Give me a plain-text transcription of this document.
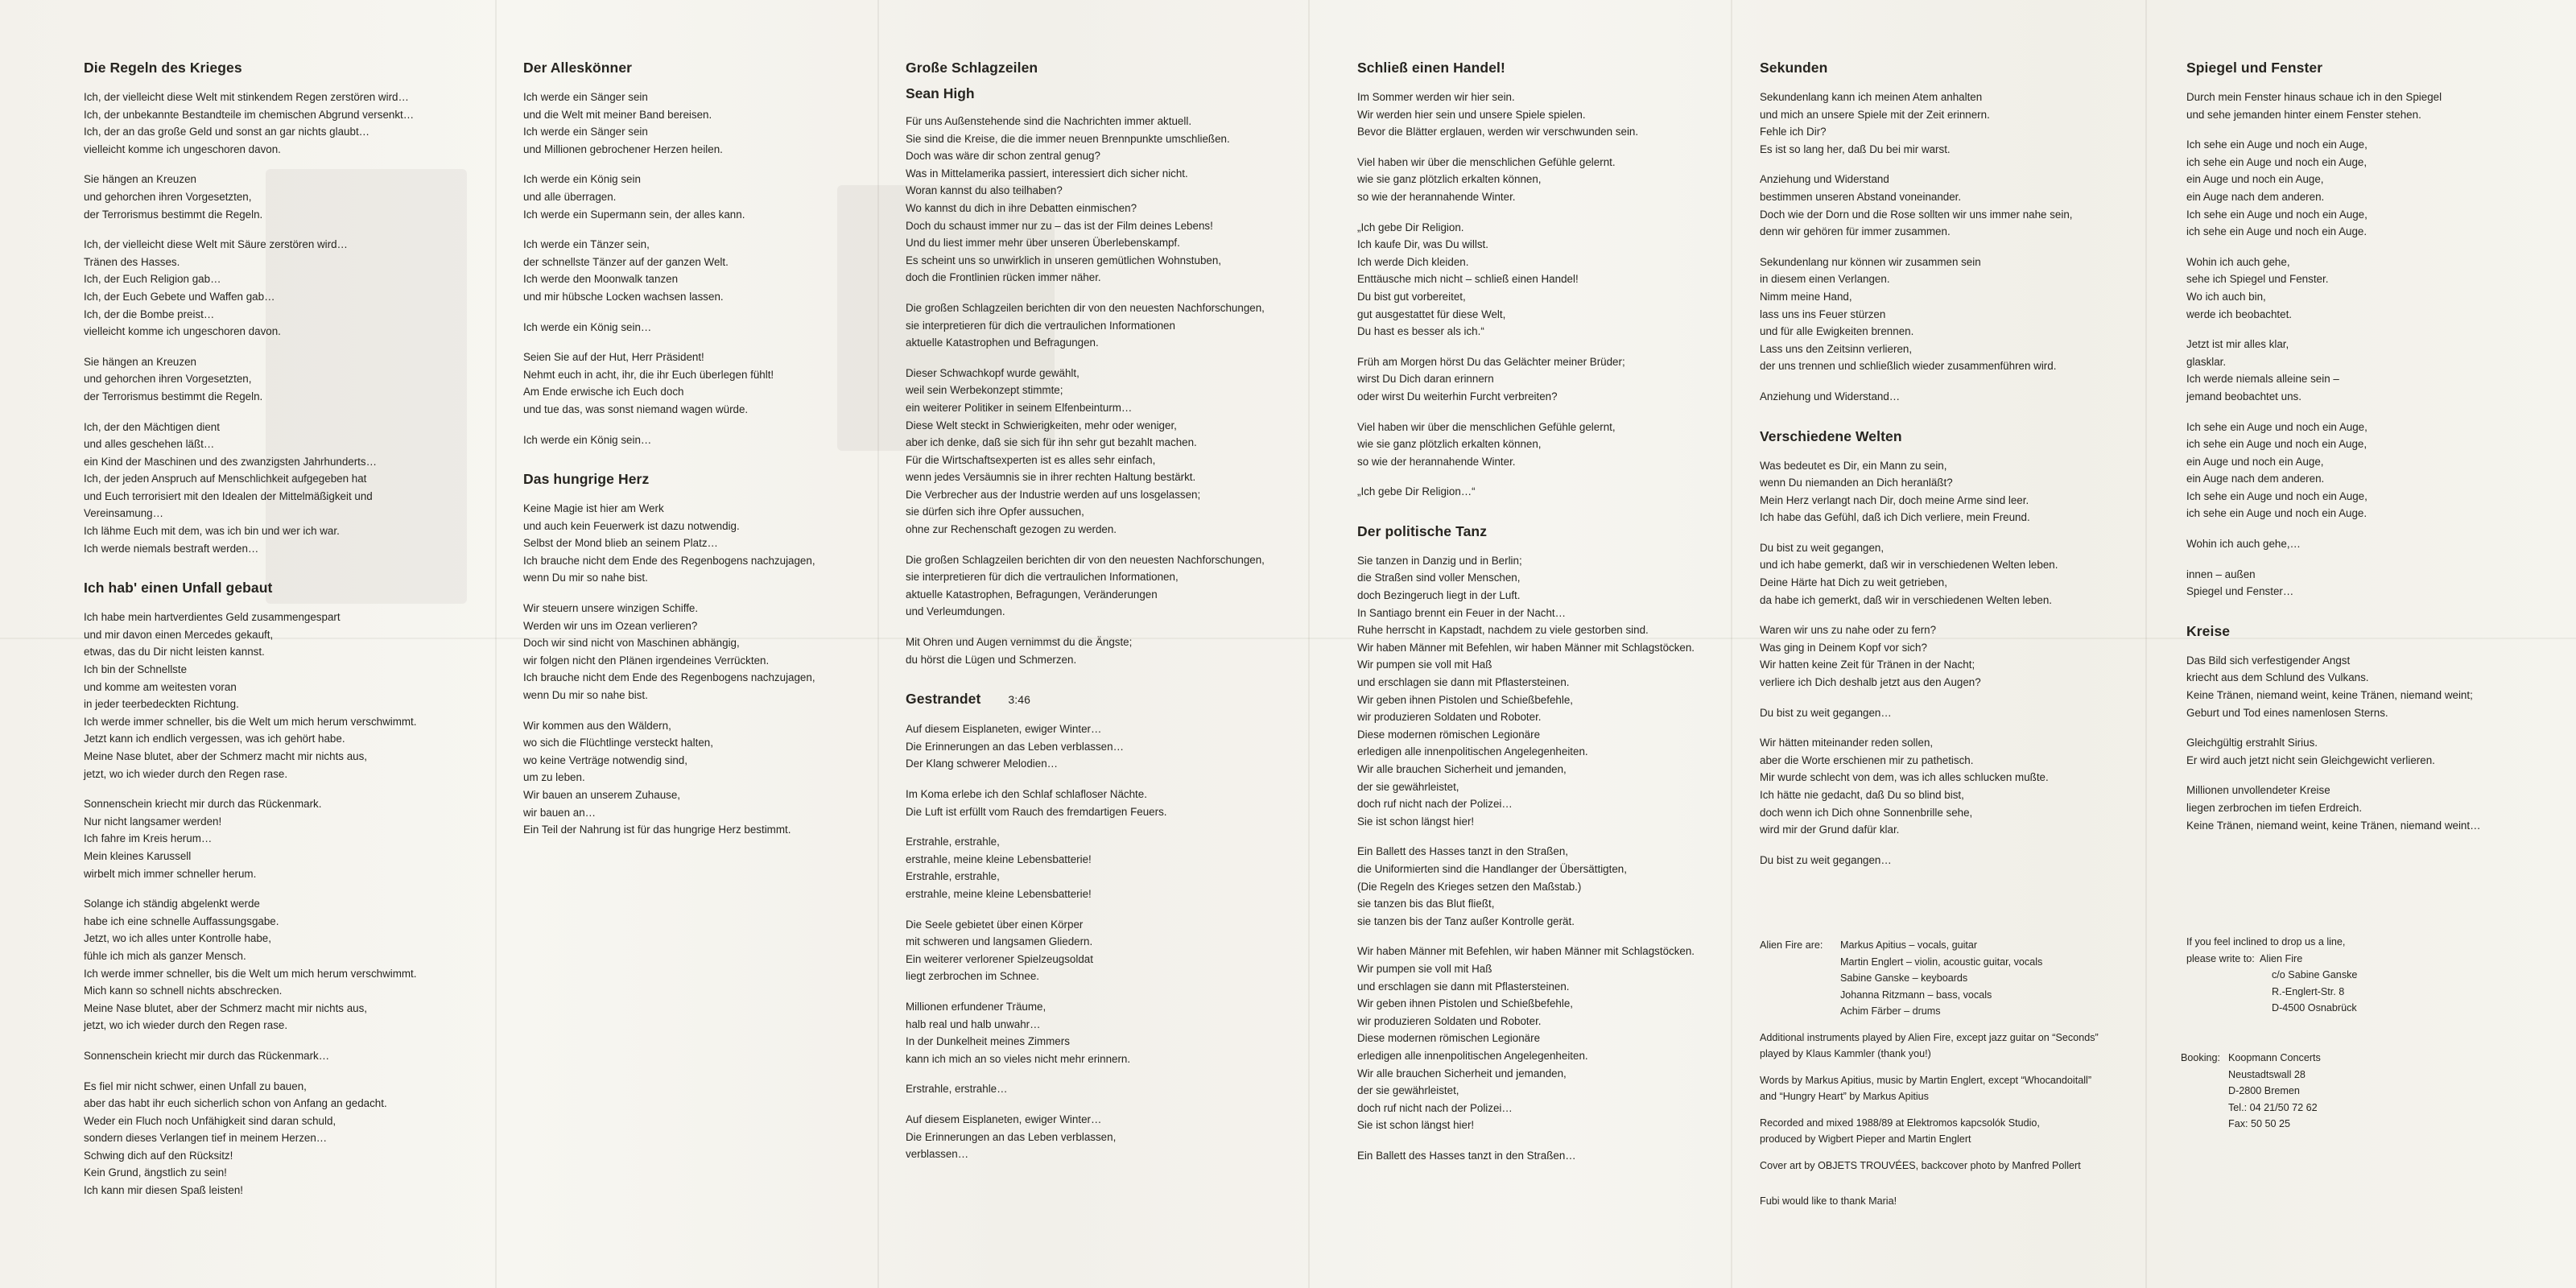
Die Regeln des Krieges
Ich, der vielleicht diese Welt mit stinkendem Regen zerstören wird…
Ich, der unbekannte Bestandteile im chemischen Abgrund versenkt…
Ich, der an das große Geld und sonst an gar nichts glaubt…
vielleicht komme ich ungeschoren davon.
Sie hängen an Kreuzen
und gehorchen ihren Vorgesetzten,
der Terrorismus bestimmt die Regeln.
Ich, der vielleicht diese Welt mit Säure zerstören wird…
Tränen des Hasses.
Ich, der Euch Religion gab…
Ich, der Euch Gebete und Waffen gab…
Ich, der die Bombe preist…
vielleicht komme ich ungeschoren davon.
Sie hängen an Kreuzen
und gehorchen ihren Vorgesetzten,
der Terrorismus bestimmt die Regeln.
Ich, der den Mächtigen dient
und alles geschehen läßt…
ein Kind der Maschinen und des zwanzigsten Jahrhunderts…
Ich, der jeden Anspruch auf Menschlichkeit aufgegeben hat
und Euch terrorisiert mit den Idealen der Mittelmäßigkeit und
Vereinsamung…
Ich lähme Euch mit dem, was ich bin und wer ich war.
Ich werde niemals bestraft werden…
Ich hab' einen Unfall gebaut
Ich habe mein hartverdientes Geld zusammengespart
und mir davon einen Mercedes gekauft,
etwas, das du Dir nicht leisten kannst.
Ich bin der Schnellste
und komme am weitesten voran
in jeder teerbedeckten Richtung.
Ich werde immer schneller, bis die Welt um mich herum verschwimmt.
Jetzt kann ich endlich vergessen, was ich gehört habe.
Meine Nase blutet, aber der Schmerz macht mir nichts aus,
jetzt, wo ich wieder durch den Regen rase.
Sonnenschein kriecht mir durch das Rückenmark.
Nur nicht langsamer werden!
Ich fahre im Kreis herum…
Mein kleines Karussell
wirbelt mich immer schneller herum.
Solange ich ständig abgelenkt werde
habe ich eine schnelle Auffassungsgabe.
Jetzt, wo ich alles unter Kontrolle habe,
fühle ich mich als ganzer Mensch.
Ich werde immer schneller, bis die Welt um mich herum verschwimmt.
Mich kann so schnell nichts abschrecken.
Meine Nase blutet, aber der Schmerz macht mir nichts aus,
jetzt, wo ich wieder durch den Regen rase.
Sonnenschein kriecht mir durch das Rückenmark…
Es fiel mir nicht schwer, einen Unfall zu bauen,
aber das habt ihr euch sicherlich schon von Anfang an gedacht.
Weder ein Fluch noch Unfähigkeit sind daran schuld,
sondern dieses Verlangen tief in meinem Herzen…
Schwing dich auf den Rücksitz!
Kein Grund, ängstlich zu sein!
Ich kann mir diesen Spaß leisten!
Der Alleskönner
Ich werde ein Sänger sein
und die Welt mit meiner Band bereisen.
Ich werde ein Sänger sein
und Millionen gebrochener Herzen heilen.
Ich werde ein König sein
und alle überragen.
Ich werde ein Supermann sein, der alles kann.
Ich werde ein Tänzer sein,
der schnellste Tänzer auf der ganzen Welt.
Ich werde den Moonwalk tanzen
und mir hübsche Locken wachsen lassen.
Ich werde ein König sein…
Seien Sie auf der Hut, Herr Präsident!
Nehmt euch in acht, ihr, die ihr Euch überlegen fühlt!
Am Ende erwische ich Euch doch
und tue das, was sonst niemand wagen würde.
Ich werde ein König sein…
Das hungrige Herz
Keine Magie ist hier am Werk
und auch kein Feuerwerk ist dazu notwendig.
Selbst der Mond blieb an seinem Platz…
Ich brauche nicht dem Ende des Regenbogens nachzujagen,
wenn Du mir so nahe bist.
Wir steuern unsere winzigen Schiffe.
Werden wir uns im Ozean verlieren?
Doch wir sind nicht von Maschinen abhängig,
wir folgen nicht den Plänen irgendeines Verrückten.
Ich brauche nicht dem Ende des Regenbogens nachzujagen,
wenn Du mir so nahe bist.
Wir kommen aus den Wäldern,
wo sich die Flüchtlinge versteckt halten,
wo keine Verträge notwendig sind,
um zu leben.
Wir bauen an unserem Zuhause,
wir bauen an…
Ein Teil der Nahrung ist für das hungrige Herz bestimmt.
Große Schlagzeilen
Sean High
Für uns Außenstehende sind die Nachrichten immer aktuell.
Sie sind die Kreise, die die immer neuen Brennpunkte umschließen.
Doch was wäre dir schon zentral genug?
Was in Mittelamerika passiert, interessiert dich sicher nicht.
Woran kannst du also teilhaben?
Wo kannst du dich in ihre Debatten einmischen?
Doch du schaust immer nur zu – das ist der Film deines Lebens!
Und du liest immer mehr über unseren Überlebenskampf.
Es scheint uns so unwirklich in unseren gemütlichen Wohnstuben,
doch die Frontlinien rücken immer näher.
Die großen Schlagzeilen berichten dir von den neuesten Nachforschungen,
sie interpretieren für dich die vertraulichen Informationen
aktuelle Katastrophen und Befragungen.
Dieser Schwachkopf wurde gewählt,
weil sein Werbekonzept stimmte;
ein weiterer Politiker in seinem Elfenbeinturm…
Diese Welt steckt in Schwierigkeiten, mehr oder weniger,
aber ich denke, daß sie sich für ihn sehr gut bezahlt machen.
Für die Wirtschaftsexperten ist es alles sehr einfach,
wenn jedes Versäumnis sie in ihrer rechten Haltung bestärkt.
Die Verbrecher aus der Industrie werden auf uns losgelassen;
sie dürfen sich ihre Opfer aussuchen,
ohne zur Rechenschaft gezogen zu werden.
Die großen Schlagzeilen berichten dir von den neuesten Nachforschungen,
sie interpretieren für dich die vertraulichen Informationen,
aktuelle Katastrophen, Befragungen, Veränderungen
und Verleumdungen.
Mit Ohren und Augen vernimmst du die Ängste;
du hörst die Lügen und Schmerzen.
Gestrandet 3:46
Auf diesem Eisplaneten, ewiger Winter…
Die Erinnerungen an das Leben verblassen…
Der Klang schwerer Melodien…
Im Koma erlebe ich den Schlaf schlafloser Nächte.
Die Luft ist erfüllt vom Rauch des fremdartigen Feuers.
Erstrahle, erstrahle,
erstrahle, meine kleine Lebensbatterie!
Erstrahle, erstrahle,
erstrahle, meine kleine Lebensbatterie!
Die Seele gebietet über einen Körper
mit schweren und langsamen Gliedern.
Ein weiterer verlorener Spielzeugsoldat
liegt zerbrochen im Schnee.
Millionen erfundener Träume,
halb real und halb unwahr…
In der Dunkelheit meines Zimmers
kann ich mich an so vieles nicht mehr erinnern.
Erstrahle, erstrahle…
Auf diesem Eisplaneten, ewiger Winter…
Die Erinnerungen an das Leben verblassen,
verblassen…
Schließ einen Handel!
Im Sommer werden wir hier sein.
Wir werden hier sein und unsere Spiele spielen.
Bevor die Blätter erglauen, werden wir verschwunden sein.
Viel haben wir über die menschlichen Gefühle gelernt.
wie sie ganz plötzlich erkalten können,
so wie der herannahende Winter.
„Ich gebe Dir Religion.
Ich kaufe Dir, was Du willst.
Ich werde Dich kleiden.
Enttäusche mich nicht – schließ einen Handel!
Du bist gut vorbereitet,
gut ausgestattet für diese Welt,
Du hast es besser als ich.“
Früh am Morgen hörst Du das Gelächter meiner Brüder;
wirst Du Dich daran erinnern
oder wirst Du weiterhin Furcht verbreiten?
Viel haben wir über die menschlichen Gefühle gelernt,
wie sie ganz plötzlich erkalten können,
so wie der herannahende Winter.
„Ich gebe Dir Religion…“
Der politische Tanz
Sie tanzen in Danzig und in Berlin;
die Straßen sind voller Menschen,
doch Bezingeruch liegt in der Luft.
In Santiago brennt ein Feuer in der Nacht…
Ruhe herrscht in Kapstadt, nachdem zu viele gestorben sind.
Wir haben Männer mit Befehlen, wir haben Männer mit Schlagstöcken.
Wir pumpen sie voll mit Haß
und erschlagen sie dann mit Pflastersteinen.
Wir geben ihnen Pistolen und Schießbefehle,
wir produzieren Soldaten und Roboter.
Diese modernen römischen Legionäre
erledigen alle innenpolitischen Angelegenheiten.
Wir alle brauchen Sicherheit und jemanden,
der sie gewährleistet,
doch ruf nicht nach der Polizei…
Sie ist schon längst hier!
Ein Ballett des Hasses tanzt in den Straßen,
die Uniformierten sind die Handlanger der Übersättigten,
(Die Regeln des Krieges setzen den Maßstab.)
sie tanzen bis das Blut fließt,
sie tanzen bis der Tanz außer Kontrolle gerät.
Wir haben Männer mit Befehlen, wir haben Männer mit Schlagstöcken.
Wir pumpen sie voll mit Haß
und erschlagen sie dann mit Pflastersteinen.
Wir geben ihnen Pistolen und Schießbefehle,
wir produzieren Soldaten und Roboter.
Diese modernen römischen Legionäre
erledigen alle innenpolitischen Angelegenheiten.
Wir alle brauchen Sicherheit und jemanden,
der sie gewährleistet,
doch ruf nicht nach der Polizei…
Sie ist schon längst hier!
Ein Ballett des Hasses tanzt in den Straßen…
Sekunden
Sekundenlang kann ich meinen Atem anhalten
und mich an unsere Spiele mit der Zeit erinnern.
Fehle ich Dir?
Es ist so lang her, daß Du bei mir warst.
Anziehung und Widerstand
bestimmen unseren Abstand voneinander.
Doch wie der Dorn und die Rose sollten wir uns immer nahe sein,
denn wir gehören für immer zusammen.
Sekundenlang nur können wir zusammen sein
in diesem einen Verlangen.
Nimm meine Hand,
lass uns ins Feuer stürzen
und für alle Ewigkeiten brennen.
Lass uns den Zeitsinn verlieren,
der uns trennen und schließlich wieder zusammenführen wird.
Anziehung und Widerstand…
Verschiedene Welten
Was bedeutet es Dir, ein Mann zu sein,
wenn Du niemanden an Dich heranläßt?
Mein Herz verlangt nach Dir, doch meine Arme sind leer.
Ich habe das Gefühl, daß ich Dich verliere, mein Freund.
Du bist zu weit gegangen,
und ich habe gemerkt, daß wir in verschiedenen Welten leben.
Deine Härte hat Dich zu weit getrieben,
da habe ich gemerkt, daß wir in verschiedenen Welten leben.
Waren wir uns zu nahe oder zu fern?
Was ging in Deinem Kopf vor sich?
Wir hatten keine Zeit für Tränen in der Nacht;
verliere ich Dich deshalb jetzt aus den Augen?
Du bist zu weit gegangen…
Wir hätten miteinander reden sollen,
aber die Worte erschienen mir zu pathetisch.
Mir wurde schlecht von dem, was ich alles schlucken mußte.
Ich hätte nie gedacht, daß Du so blind bist,
doch wenn ich Dich ohne Sonnenbrille sehe,
wird mir der Grund dafür klar.
Du bist zu weit gegangen…
Spiegel und Fenster
Durch mein Fenster hinaus schaue ich in den Spiegel
und sehe jemanden hinter einem Fenster stehen.
Ich sehe ein Auge und noch ein Auge,
ich sehe ein Auge und noch ein Auge,
ein Auge und noch ein Auge,
ein Auge nach dem anderen.
Ich sehe ein Auge und noch ein Auge,
ich sehe ein Auge und noch ein Auge.
Wohin ich auch gehe,
sehe ich Spiegel und Fenster.
Wo ich auch bin,
werde ich beobachtet.
Jetzt ist mir alles klar,
glasklar.
Ich werde niemals alleine sein –
jemand beobachtet uns.
Ich sehe ein Auge und noch ein Auge,
ich sehe ein Auge und noch ein Auge,
ein Auge und noch ein Auge,
ein Auge nach dem anderen.
Ich sehe ein Auge und noch ein Auge,
ich sehe ein Auge und noch ein Auge.
Wohin ich auch gehe,…
innen – außen
Spiegel und Fenster…
Kreise
Das Bild sich verfestigender Angst
kriecht aus dem Schlund des Vulkans.
Keine Tränen, niemand weint, keine Tränen, niemand weint;
Geburt und Tod eines namenlosen Sterns.
Gleichgültig erstrahlt Sirius.
Er wird auch jetzt nicht sein Gleichgewicht verlieren.
Millionen unvollendeter Kreise
liegen zerbrochen im tiefen Erdreich.
Keine Tränen, niemand weint, keine Tränen, niemand weint…
Alien Fire are:	Markus Apitius – vocals, guitar
Martin Englert – violin, acoustic guitar, vocals
Sabine Ganske – keyboards
Johanna Ritzmann – bass, vocals
Achim Färber – drums
Additional instruments played by Alien Fire, except jazz guitar on “Seconds”
played by Klaus Kammler (thank you!)
Words by Markus Apitius, music by Martin Englert, except “Whocandoitall”
and “Hungry Heart” by Markus Apitius
Recorded and mixed 1988/89 at Elektromos kapcsolók Studio,
produced by Wigbert Pieper and Martin Englert
Cover art by OBJETS TROUVÉES, backcover photo by Manfred Pollert
Fubi would like to thank Maria!
If you feel inclined to drop us a line,
please write to:  Alien Fire
c/o Sabine Ganske
R.-Englert-Str. 8
D-4500 Osnabrück
Booking: Koopmann Concerts
Neustadtswall 28
D-2800 Bremen
Tel.: 04 21/50 72 62
Fax: 50 50 25
